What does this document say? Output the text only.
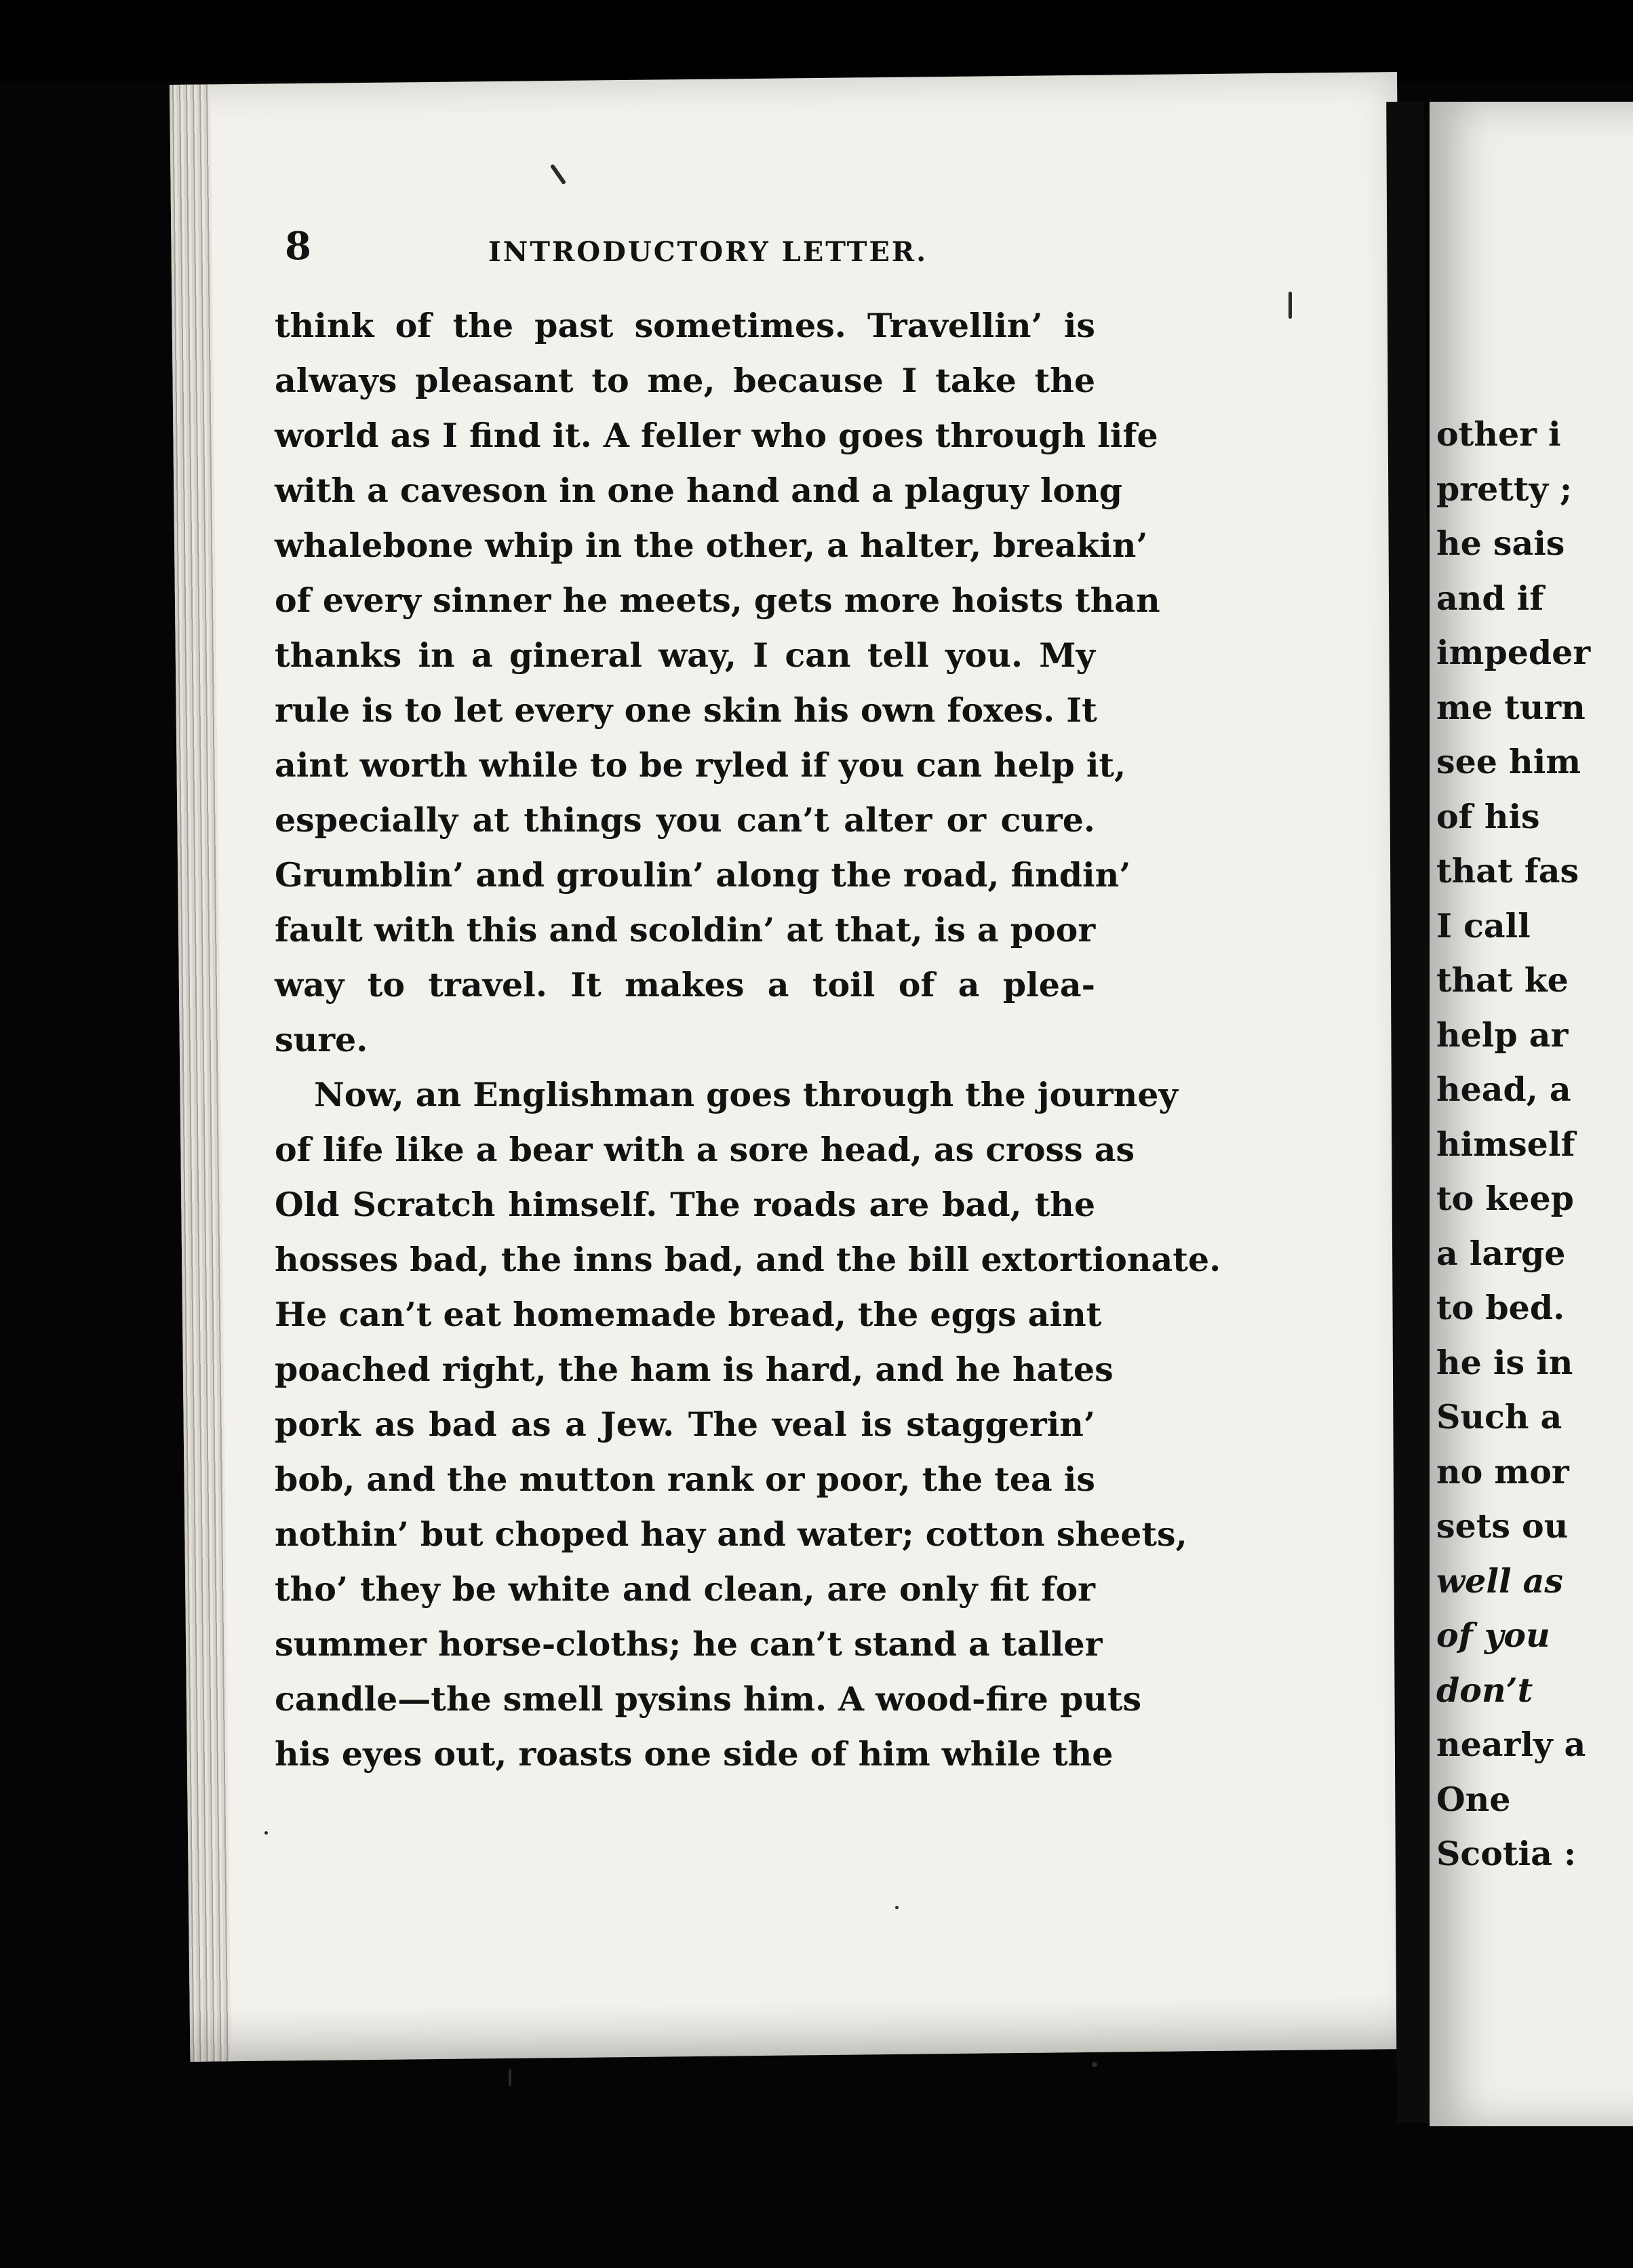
8	INTRODUCTORY LETTER.
think of the past sometimes. Travellin’ is
always pleasant to me, because I take the
world as I find it. A feller who goes through life
with a caveson in one hand and a plaguy long
whalebone whip in the other, a halter, breakin’
of every sinner he meets, gets more hoists than
thanks in a gineral way, I can tell you. My
rule is to let every one skin his own foxes. It
aint worth while to be ryled if you can help it,
especially at things you can’t alter or cure.
Grumblin’ and groulin’ along the road, findin’
fault with this and scoldin’ at that, is a poor
way to travel. It makes a toil of a plea-
sure.
Now, an Englishman goes through the journey
of life like a bear with a sore head, as cross as
Old Scratch himself. The roads are bad, the
hosses bad, the inns bad, and the bill extortionate.
He can’t eat homemade bread, the eggs aint
poached right, the ham is hard, and he hates
pork as bad as a Jew. The veal is staggerin’
bob, and the mutton rank or poor, the tea is
nothin’ but choped hay and water; cotton sheets,
tho’ they be white and clean, are only fit for
summer horse-cloths; he can’t stand a taller
candle—the smell pysins him. A wood-fire puts
his eyes out, roasts one side of him while the
other i
pretty ;
he sais
and if
impeder
me turn
see him
of his
that fas
I call
that ke
help ar
head, a
himself
to keep
a large
to bed.
he is in
Such a
no mor
sets ou
well as
of you
don’t
nearly a
One
Scotia :
